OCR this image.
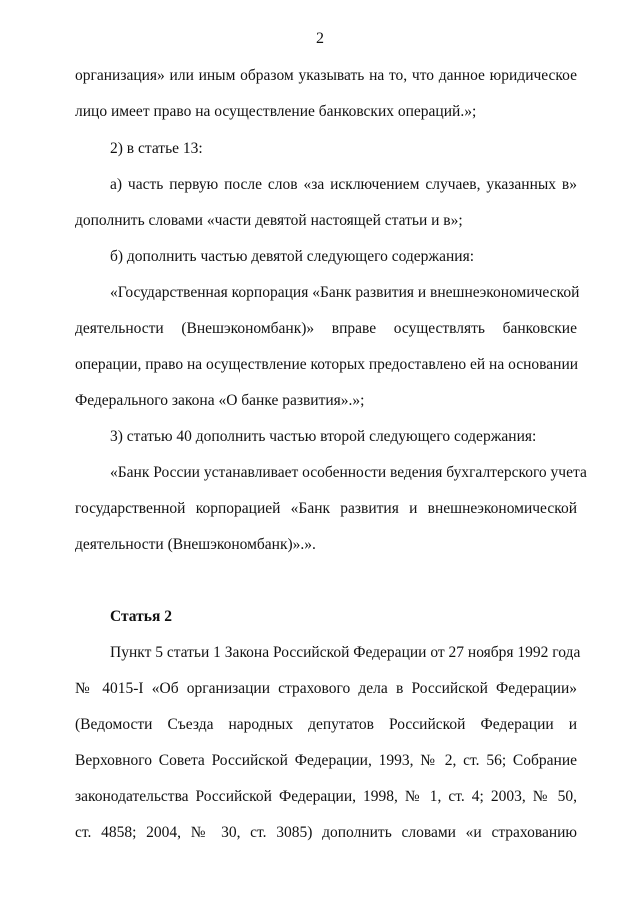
2
организация» или иным образом указывать на то, что данное юридическое
лицо имеет право на осуществление банковских операций.»;
2) в статье 13:
а) часть первую после слов «за исключением случаев, указанных в»
дополнить словами «части девятой настоящей статьи и в»;
б) дополнить частью девятой следующего содержания:
«Государственная корпорация «Банк развития и внешнеэкономической
деятельности (Внешэкономбанк)» вправе осуществлять банковские
операции, право на осуществление которых предоставлено ей на основании
Федерального закона «О банке развития».»;
3) статью 40 дополнить частью второй следующего содержания:
«Банк России устанавливает особенности ведения бухгалтерского учета
государственной корпорацией «Банк развития и внешнеэкономической
деятельности (Внешэкономбанк)».».
Статья 2
Пункт 5 статьи 1 Закона Российской Федерации от 27 ноября 1992 года
№ 4015-I «Об организации страхового дела в Российской Федерации»
(Ведомости Съезда народных депутатов Российской Федерации и
Верховного Совета Российской Федерации, 1993, № 2, ст. 56; Собрание
законодательства Российской Федерации, 1998, № 1, ст. 4; 2003, № 50,
ст. 4858; 2004, № 30, ст. 3085) дополнить словами «и страхованию
